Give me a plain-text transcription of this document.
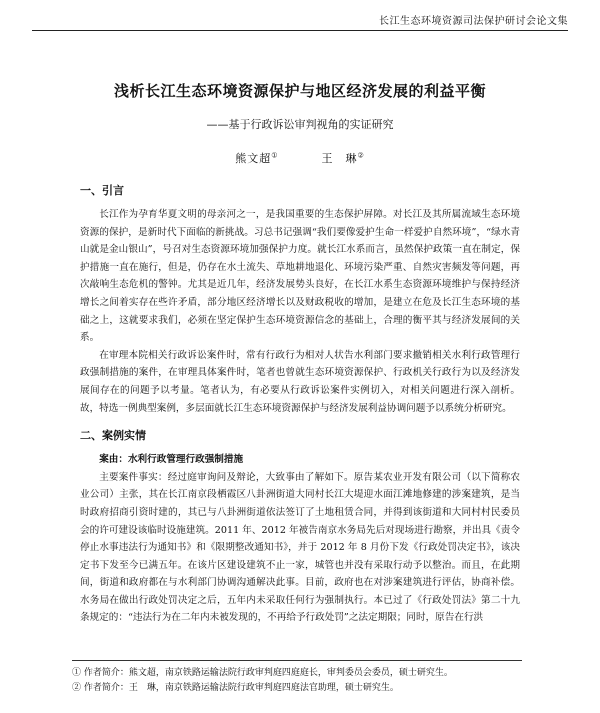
长江生态环境资源司法保护研讨会论文集
浅析长江生态环境资源保护与地区经济发展的利益平衡
——基于行政诉讼审判视角的实证研究
熊文超①	王　琳②
一、引言

长江作为孕育华夏文明的母亲河之一，是我国重要的生态保护屏障。对长江及其所属流域生态环境资源的保护，是新时代下面临的新挑战。习总书记强调“我们要像爱护生命一样爱护自然环境”，“绿水青山就是金山银山”，号召对生态资源环境加强保护力度。就长江水系而言，虽然保护政策一直在制定，保护措施一直在施行，但是，仍存在水土流失、草地耕地退化、环境污染严重、自然灾害频发等问题，再次敲响生态危机的警钟。尤其是近几年，经济发展势头良好，在长江水系生态资源环境维护与保持经济增长之间着实存在些许矛盾，部分地区经济增长以及财政税收的增加，是建立在危及长江生态环境的基础之上，这就要求我们，必须在坚定保护生态环境资源信念的基础上，合理的衡平其与经济发展间的关系。

在审理本院相关行政诉讼案件时，常有行政行为相对人状告水利部门要求撤销相关水利行政管理行政强制措施的案件，在审理具体案件时，笔者也曾就生态环境资源保护、行政机关行政行为以及经济发展间存在的问题予以考量。笔者认为，有必要从行政诉讼案件实例切入，对相关问题进行深入剖析。故，特选一例典型案例，多层面就长江生态环境资源保护与经济发展利益协调问题予以系统分析研究。

二、案例实情
案由：水利行政管理行政强制措施

主要案件事实：经过庭审询问及辩论，大致事由了解如下。原告某农业开发有限公司（以下简称农业公司）主张，其在长江南京段栖霞区八卦洲街道大同村长江大堤迎水面江滩地修建的涉案建筑，是当时政府招商引资时建的，其已与八卦洲街道依法签订了土地租赁合同，并得到该街道和大同村村民委员会的许可建设该临时设施建筑。2011 年、2012 年被告南京水务局先后对现场进行勘察，并出具《责令停止水事违法行为通知书》和《限期整改通知书》，并于 2012 年 8 月份下发《行政处罚决定书》，该决定书下发至今已满五年。在该片区建设建筑不止一家，城管也并没有采取行动予以整治。而且，在此期间，街道和政府都在与水利部门协调沟通解决此事。目前，政府也在对涉案建筑进行评估，协商补偿。水务局在做出行政处罚决定之后，五年内未采取任何行为强制执行。本已过了《行政处罚法》第二十九条规定的：“违法行为在二年内未被发现的，不再给予行政处罚”之法定期限；同时，原告在行洪

① 作者简介：熊文超，南京铁路运输法院行政审判庭四庭庭长，审判委员会委员，硕士研究生。
② 作者简介：王　琳，南京铁路运输法院行政审判庭四庭法官助理，硕士研究生。
